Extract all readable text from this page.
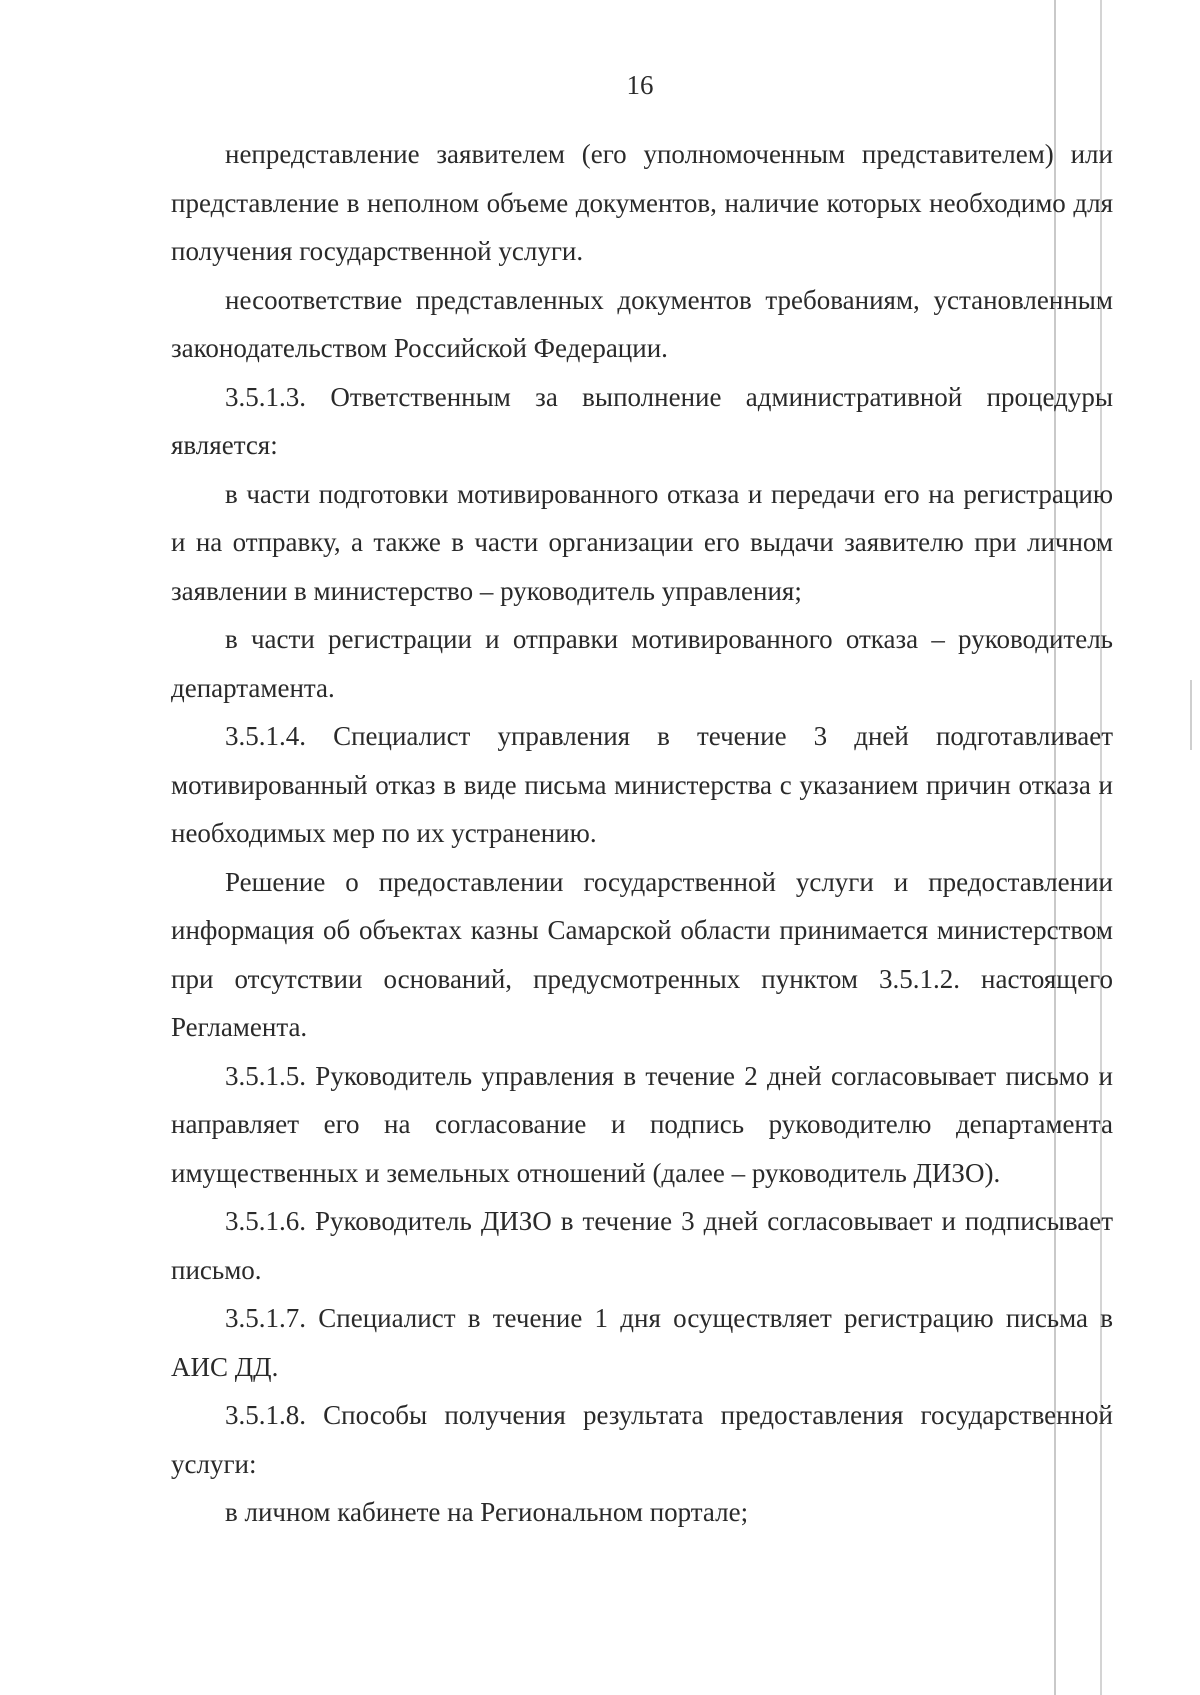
16

непредставление заявителем (его уполномоченным представителем) или представление в неполном объеме документов, наличие которых необходимо для получения государственной услуги.

несоответствие представленных документов требованиям, установленным законодательством Российской Федерации.

3.5.1.3. Ответственным за выполнение административной процедуры является:

в части подготовки мотивированного отказа и передачи его на регистрацию и на отправку, а также в части организации его выдачи заявителю при личном заявлении в министерство – руководитель управления;

в части регистрации и отправки мотивированного отказа – руководитель департамента.

3.5.1.4. Специалист управления в течение 3 дней подготавливает мотивированный отказ в виде письма министерства с указанием причин отказа и необходимых мер по их устранению.

Решение о предоставлении государственной услуги и предоставлении информация об объектах казны Самарской области принимается министерством при отсутствии оснований, предусмотренных пунктом 3.5.1.2. настоящего Регламента.

3.5.1.5. Руководитель управления в течение 2 дней согласовывает письмо и направляет его на согласование и подпись руководителю департамента имущественных и земельных отношений (далее – руководитель ДИЗО).

3.5.1.6. Руководитель ДИЗО в течение 3 дней согласовывает и подписывает письмо.

3.5.1.7. Специалист в течение 1 дня осуществляет регистрацию письма в АИС ДД.

3.5.1.8. Способы получения результата предоставления государственной услуги:

в личном кабинете на Региональном портале;
